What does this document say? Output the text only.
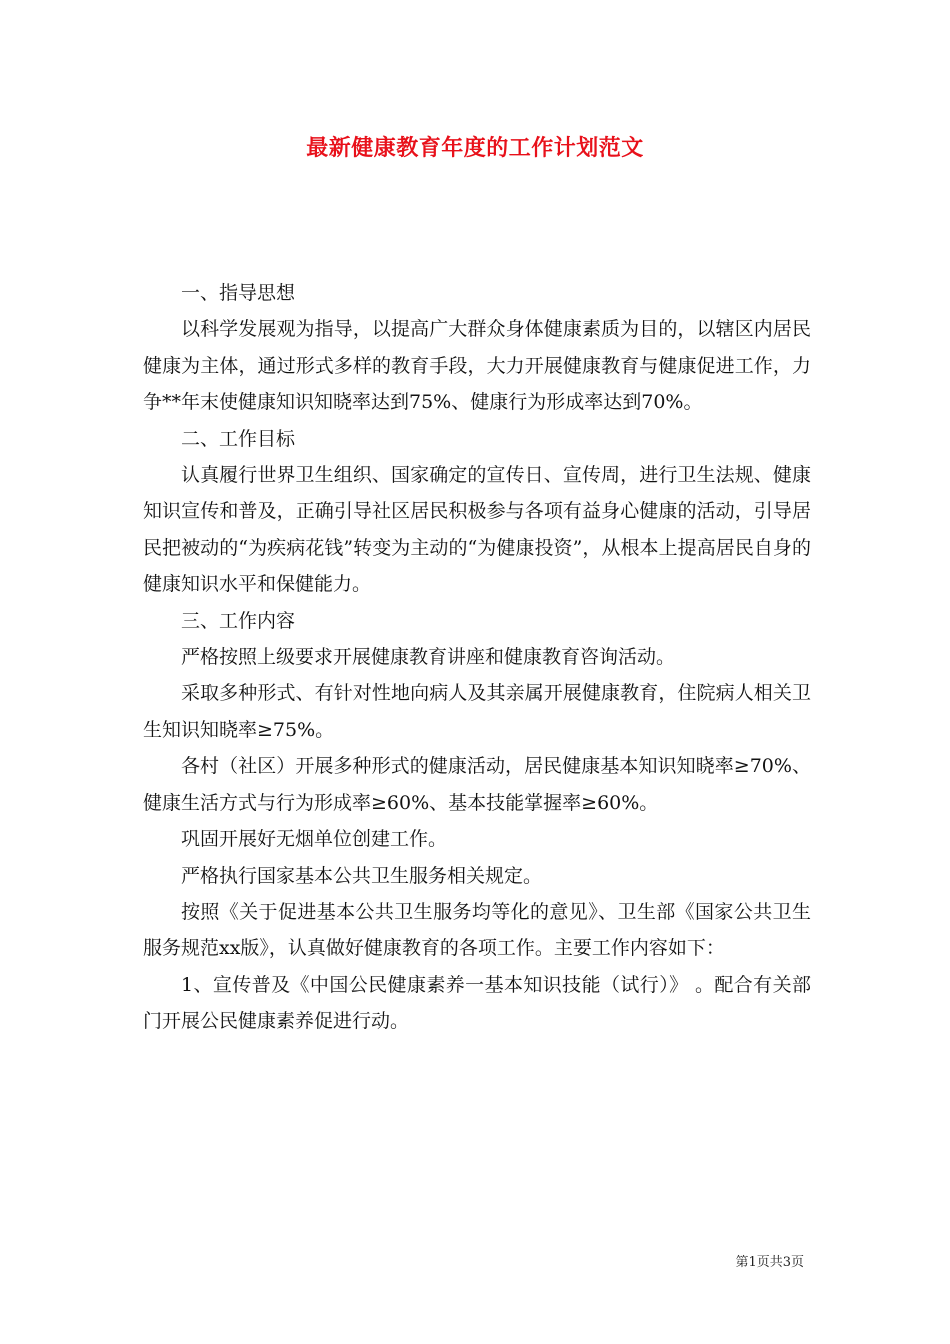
最新健康教育年度的工作计划范文

一、指导思想

以科学发展观为指导，以提高广大群众身体健康素质为目的，以辖区内居民健康为主体，通过形式多样的教育手段，大力开展健康教育与健康促进工作，力争**年末使健康知识知晓率达到75%、健康行为形成率达到70%。

二、工作目标

认真履行世界卫生组织、国家确定的宣传日、宣传周，进行卫生法规、健康知识宣传和普及，正确引导社区居民积极参与各项有益身心健康的活动，引导居民把被动的“为疾病花钱”转变为主动的“为健康投资”，从根本上提高居民自身的健康知识水平和保健能力。

三、工作内容

严格按照上级要求开展健康教育讲座和健康教育咨询活动。

采取多种形式、有针对性地向病人及其亲属开展健康教育，住院病人相关卫生知识知晓率≥75%。

各村（社区）开展多种形式的健康活动，居民健康基本知识知晓率≥70%、健康生活方式与行为形成率≥60%、基本技能掌握率≥60%。

巩固开展好无烟单位创建工作。

严格执行国家基本公共卫生服务相关规定。

按照《关于促进基本公共卫生服务均等化的意见》、卫生部《国家公共卫生服务规范xx版》，认真做好健康教育的各项工作。主要工作内容如下：

1、宣传普及《中国公民健康素养一基本知识技能（试行）》 。配合有关部门开展公民健康素养促进行动。

第1页共3页
